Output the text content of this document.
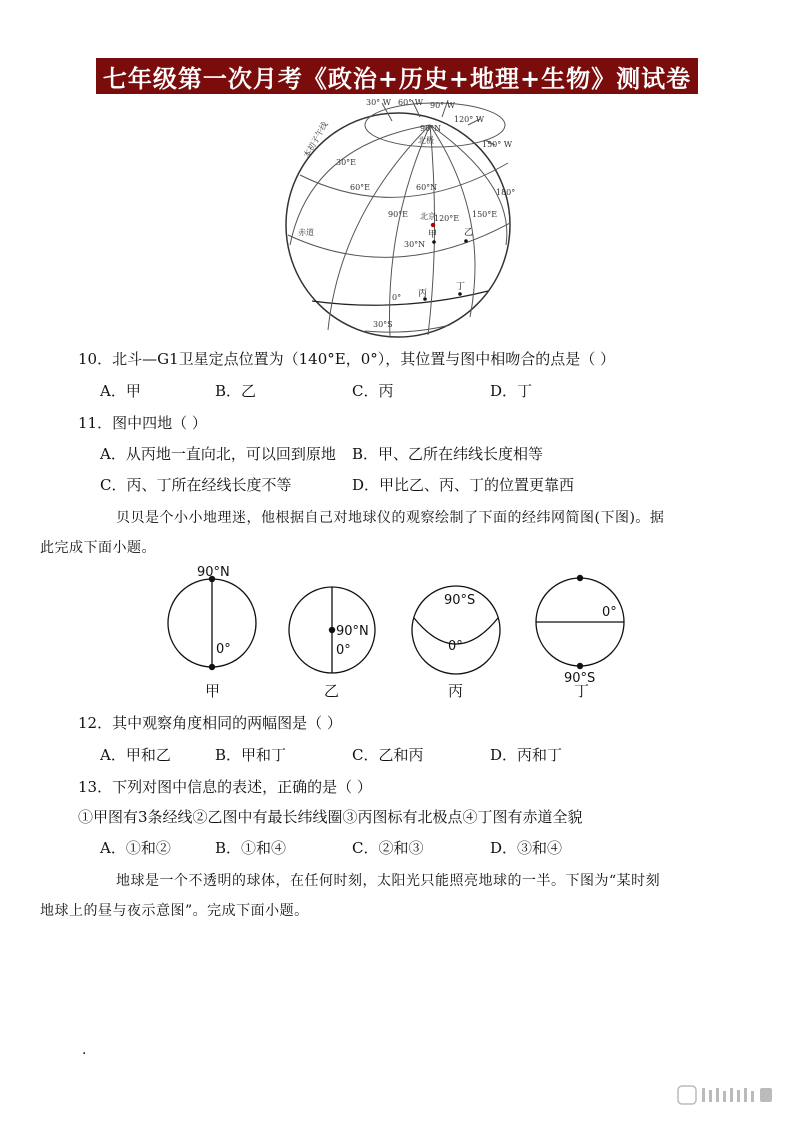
七年级第一次月考《政治+历史+地理+生物》测试卷
30° W 60° W 90° W
120° W
150° W
90°N
北极
本初子午线
30°E
60°E	60°N
90°E 北京
120°E 150°E
180°
赤道
30°N
0°
30°S
甲	乙
丙
丁
10．北斗—G1卫星定点位置为（140°E，0°），其位置与图中相吻合的点是（ ）
A．甲	B．乙	C．丙	D．丁
11．图中四地（ ）
A．从丙地一直向北，可以回到原地 B．甲、乙所在纬线长度相等
C．丙、丁所在经线长度不等	D．甲比乙、丙、丁的位置更靠西
贝贝是个小小地理迷，他根据自己对地球仪的观察绘制了下面的经纬网简图(下图)。据
此完成下面小题。
90°N
0°
90°N
0°
90°S
0°
0°
90°S
甲	乙	丙	丁
12．其中观察角度相同的两幅图是（ ）
A．甲和乙	B．甲和丁	C．乙和丙	D．丙和丁
13．下列对图中信息的表述，正确的是（ ）
①甲图有3条经线②乙图中有最长纬线圈③丙图标有北极点④丁图有赤道全貌
A．①和②	B．①和④	C．②和③	D．③和④
地球是一个不透明的球体，在任何时刻，太阳光只能照亮地球的一半。下图为“某时刻
地球上的昼与夜示意图”。完成下面小题。
.
